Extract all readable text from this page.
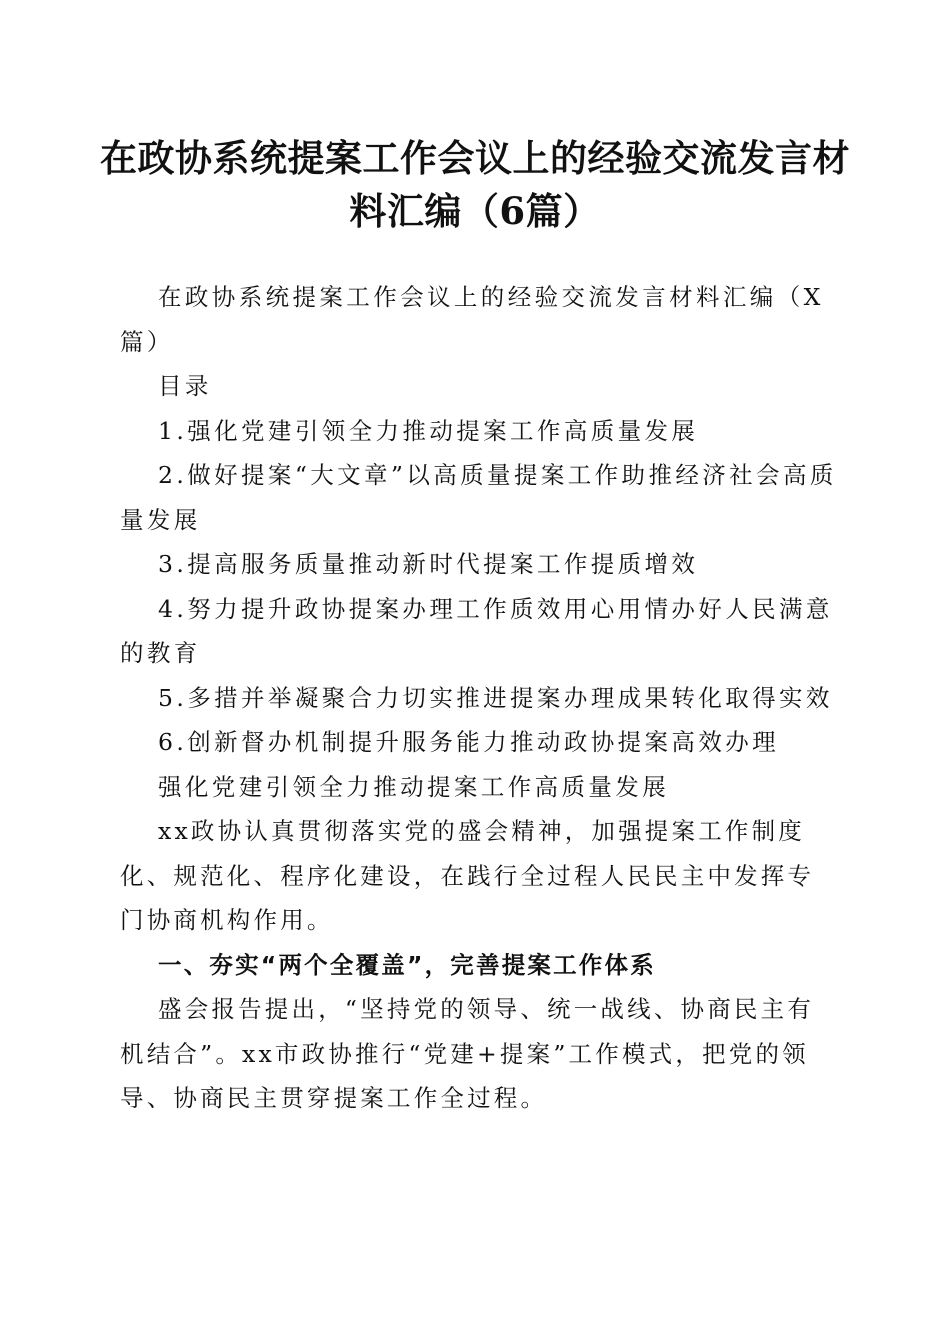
在政协系统提案工作会议上的经验交流发言材
料汇编（6篇）

在政协系统提案工作会议上的经验交流发言材料汇编（X篇）

目录

1.强化党建引领全力推动提案工作高质量发展

2.做好提案“大文章”以高质量提案工作助推经济社会高质量发展

3.提高服务质量推动新时代提案工作提质增效

4.努力提升政协提案办理工作质效用心用情办好人民满意的教育

5.多措并举凝聚合力切实推进提案办理成果转化取得实效

6.创新督办机制提升服务能力推动政协提案高效办理

强化党建引领全力推动提案工作高质量发展

xx政协认真贯彻落实党的盛会精神，加强提案工作制度化、规范化、程序化建设，在践行全过程人民民主中发挥专门协商机构作用。

一、夯实“两个全覆盖”，完善提案工作体系

盛会报告提出，“坚持党的领导、统一战线、协商民主有机结合”。xx市政协推行“党建+提案”工作模式，把党的领导、协商民主贯穿提案工作全过程。
